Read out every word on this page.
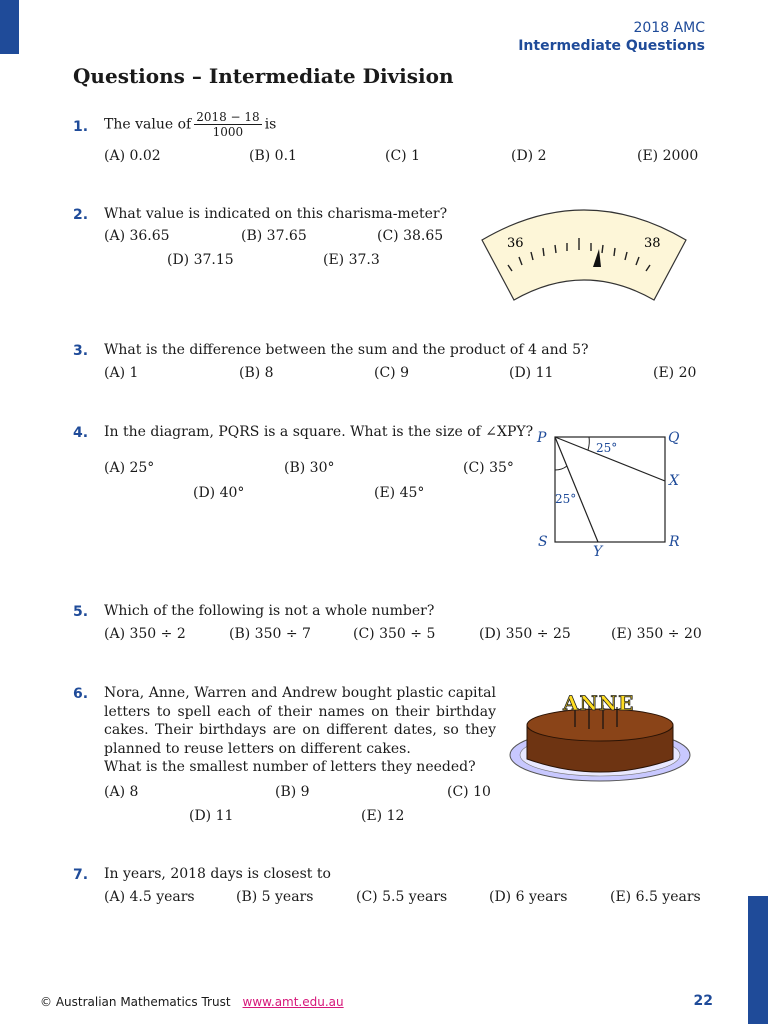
2018 AMC
Intermediate Questions
Questions – Intermediate Division
1. The value of $\frac{2018 - 18}{1000}$ is
(A) 0.02	(B) 0.1	(C) 1	(D) 2	(E) 2000
2. What value is indicated on this charisma-meter?
(A) 36.65	(B) 37.65	(C) 38.65
(D) 37.15	(E) 37.3
36	38
3. What is the difference between the sum and the product of 4 and 5?
(A) 1	(B) 8	(C) 9	(D) 11	(E) 20
4. In the diagram, PQRS is a square. What is the size of ∠XPY?
(A) 25°	(B) 30°	(C) 35°
(D) 40°	(E) 45°
P	Q
R
S
X
Y
25°
25°
5. Which of the following is not a whole number?
(A) 350 ÷ 2	(B) 350 ÷ 7	(C) 350 ÷ 5	(D) 350 ÷ 25	(E) 350 ÷ 20
6. Nora, Anne, Warren and Andrew bought plastic capital letters to spell each of their names on their birthday cakes. Their birthdays are on different dates, so they planned to reuse letters on different cakes.
What is the smallest number of letters they needed?
(A) 8	(B) 9	(C) 10
(D) 11	(E) 12
ANNE
7. In years, 2018 days is closest to
(A) 4.5 years	(B) 5 years	(C) 5.5 years	(D) 6 years	(E) 6.5 years
© Australian Mathematics Trust www.amt.edu.au	22
